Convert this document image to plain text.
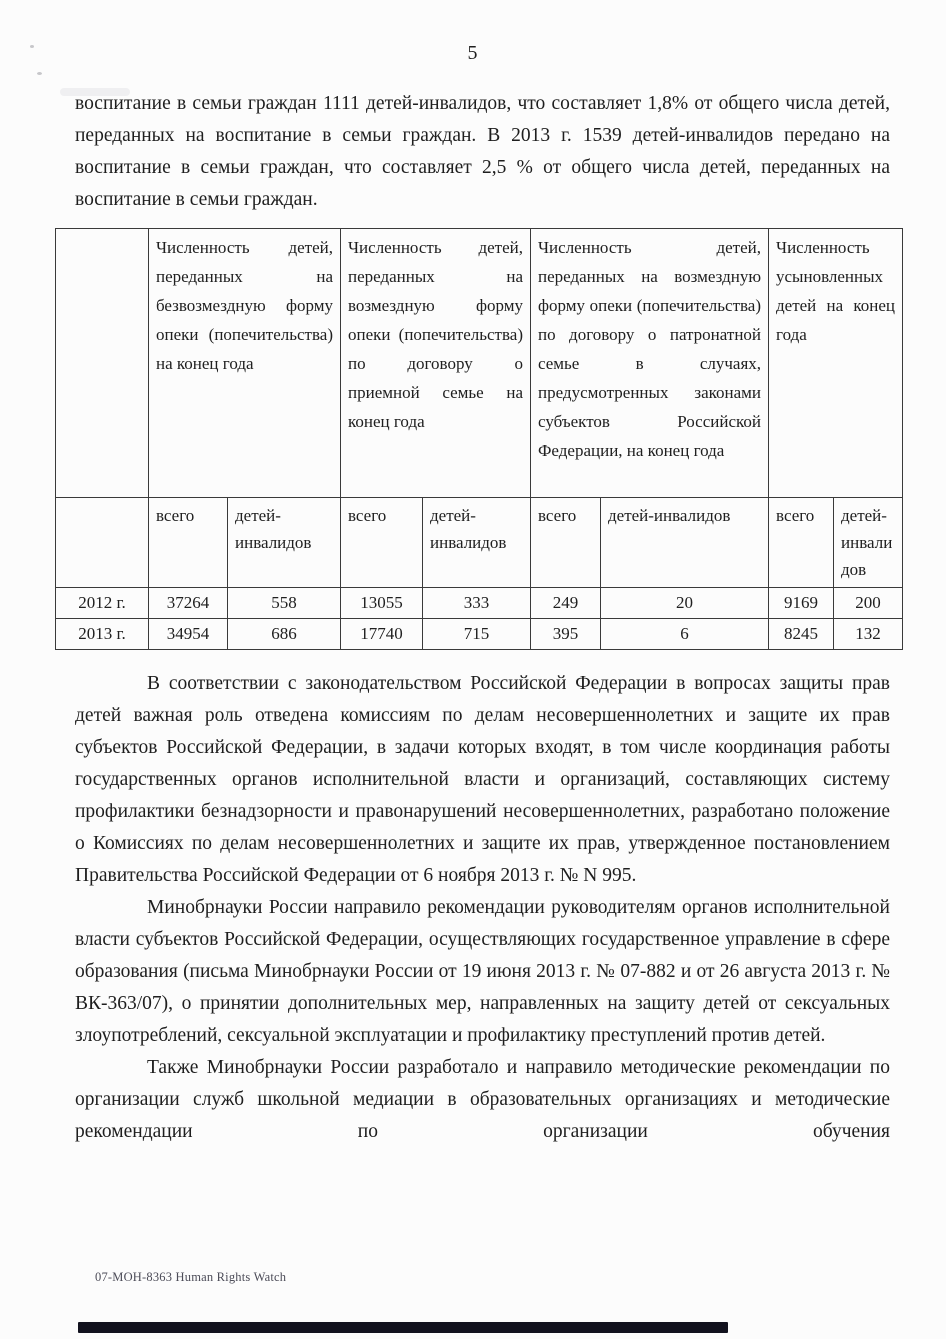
5
воспитание в семьи граждан 1111 детей-инвалидов, что составляет 1,8% от общего числа детей, переданных на воспитание в семьи граждан. В 2013 г. 1539 детей-инвалидов передано на воспитание в семьи граждан, что составляет 2,5 % от общего числа детей, переданных на воспитание в семьи граждан.
	Численность детей, переданных на безвозмездную форму опеки (попечительства) на конец года		Численность детей, переданных на возмездную форму опеки (попечительства) по договору о приемной семье на конец года		Численность детей, переданных на возмездную форму опеки (попечительства) по договору о патронатной семье в случаях, предусмотренных законами субъектов Российской Федерации, на конец года		Численность усыновленных детей на конец года	
	всего	детей-инвалидов	всего	детей-инвалидов	всего	детей-инвалидов	всего	детей-инвалидов
2012 г.	37264	558	13055	333	249	20	9169	200
2013 г.	34954	686	17740	715	395	6	8245	132

В соответствии с законодательством Российской Федерации в вопросах защиты прав детей важная роль отведена комиссиям по делам несовершеннолетних и защите их прав субъектов Российской Федерации, в задачи которых входят, в том числе координация работы государственных органов исполнительной власти и организаций, составляющих систему профилактики безнадзорности и правонарушений несовершеннолетних, разработано положение о Комиссиях по делам несовершеннолетних и защите их прав, утвержденное постановлением Правительства Российской Федерации от 6 ноября 2013 г. № N 995.

Минобрнауки России направило рекомендации руководителям органов исполнительной власти субъектов Российской Федерации, осуществляющих государственное управление в сфере образования (письма Минобрнауки России от 19 июня 2013 г. № 07-882 и от 26 августа 2013 г. № ВК-363/07), о принятии дополнительных мер, направленных на защиту детей от сексуальных злоупотреблений, сексуальной эксплуатации и профилактику преступлений против детей.

Также Минобрнауки России разработало и направило методические рекомендации по организации служб школьной медиации в образовательных организациях и методические рекомендации по организации обучения

07-МОН-8363 Human Rights Watch
